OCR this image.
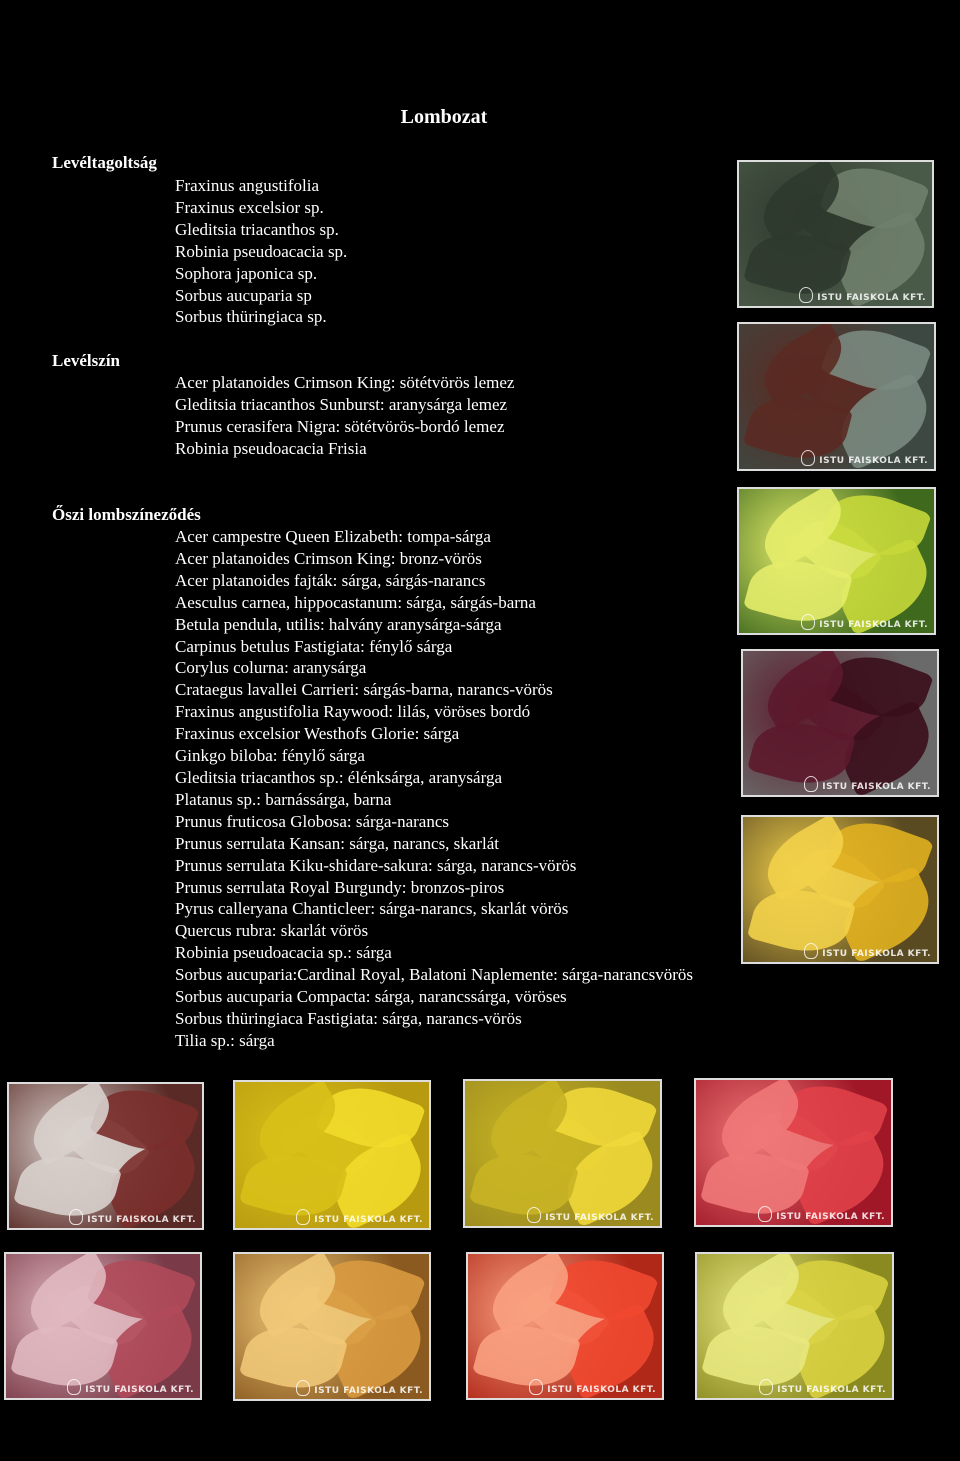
Lombozat
Levéltagoltság
Fraxinus angustifolia
Fraxinus excelsior sp.
Gleditsia triacanthos sp.
Robinia pseudoacacia sp.
Sophora japonica sp.
Sorbus aucuparia sp
Sorbus thüringiaca sp.
Levélszín
Acer platanoides Crimson King: sötétvörös lemez
Gleditsia triacanthos Sunburst: aranysárga lemez
Prunus cerasifera Nigra: sötétvörös-bordó lemez
Robinia pseudoacacia Frisia
Őszi lombszíneződés
Acer campestre Queen Elizabeth: tompa-sárga
Acer platanoides Crimson King: bronz-vörös
Acer platanoides fajták: sárga, sárgás-narancs
Aesculus carnea, hippocastanum: sárga, sárgás-barna
Betula pendula, utilis: halvány aranysárga-sárga
Carpinus betulus Fastigiata: fénylő sárga
Corylus colurna: aranysárga
Crataegus lavallei Carrieri: sárgás-barna, narancs-vörös
Fraxinus angustifolia Raywood: lilás, vöröses bordó
Fraxinus excelsior Westhofs Glorie: sárga
Ginkgo biloba: fénylő sárga
Gleditsia triacanthos sp.: élénksárga, aranysárga
Platanus sp.: barnássárga, barna
Prunus fruticosa Globosa: sárga-narancs
Prunus serrulata Kansan: sárga, narancs, skarlát
Prunus serrulata Kiku-shidare-sakura: sárga, narancs-vörös
Prunus serrulata Royal Burgundy: bronzos-piros
Pyrus calleryana Chanticleer: sárga-narancs, skarlát vörös
Quercus rubra: skarlát vörös
Robinia pseudoacacia sp.: sárga
Sorbus aucuparia:Cardinal Royal, Balatoni Naplemente: sárga-narancsvörös
Sorbus aucuparia Compacta: sárga, narancssárga, vöröses
Sorbus thüringiaca Fastigiata: sárga, narancs-vörös
Tilia sp.: sárga
ISTU FAISKOLA KFT.
ISTU FAISKOLA KFT.
ISTU FAISKOLA KFT.
ISTU FAISKOLA KFT.
ISTU FAISKOLA KFT.
ISTU FAISKOLA KFT.	ISTU FAISKOLA KFT.	ISTU FAISKOLA KFT.	ISTU FAISKOLA KFT.
ISTU FAISKOLA KFT.	ISTU FAISKOLA KFT.	ISTU FAISKOLA KFT.	ISTU FAISKOLA KFT.
